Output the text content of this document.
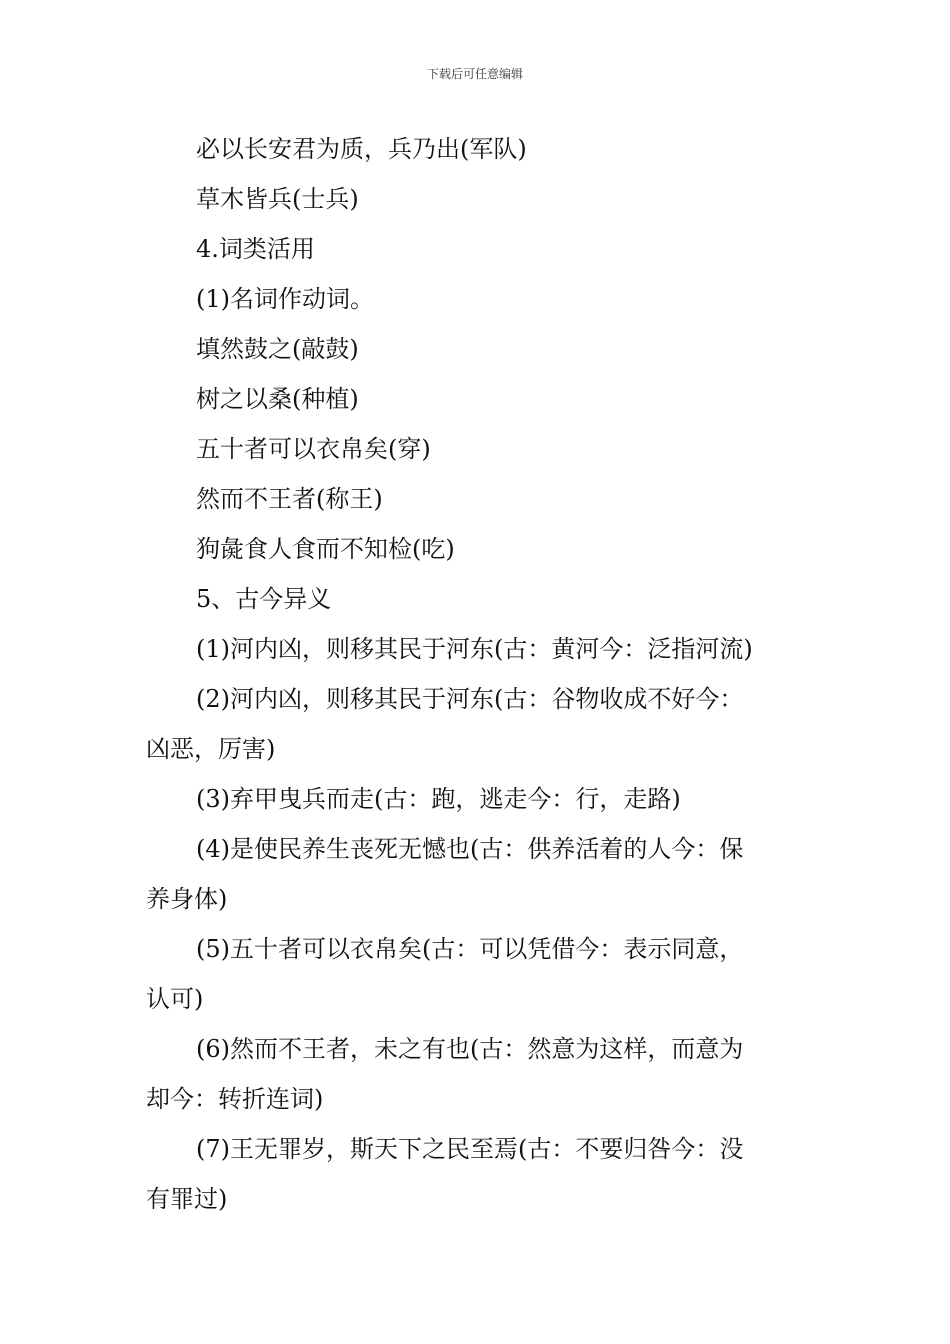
下载后可任意编辑

必以长安君为质，兵乃出(军队)

草木皆兵(士兵)

4.词类活用

(1)名词作动词。

填然鼓之(敲鼓)

树之以桑(种植)

五十者可以衣帛矣(穿)

然而不王者(称王)

狗彘食人食而不知检(吃)

5、古今异义

(1)河内凶，则移其民于河东(古：黄河今：泛指河流)

(2)河内凶，则移其民于河东(古：谷物收成不好今：

凶恶，厉害)

(3)弃甲曳兵而走(古：跑，逃走今：行，走路)

(4)是使民养生丧死无憾也(古：供养活着的人今：保

养身体)

(5)五十者可以衣帛矣(古：可以凭借今：表示同意，

认可)

(6)然而不王者，未之有也(古：然意为这样，而意为

却今：转折连词)

(7)王无罪岁，斯天下之民至焉(古：不要归咎今：没

有罪过)
